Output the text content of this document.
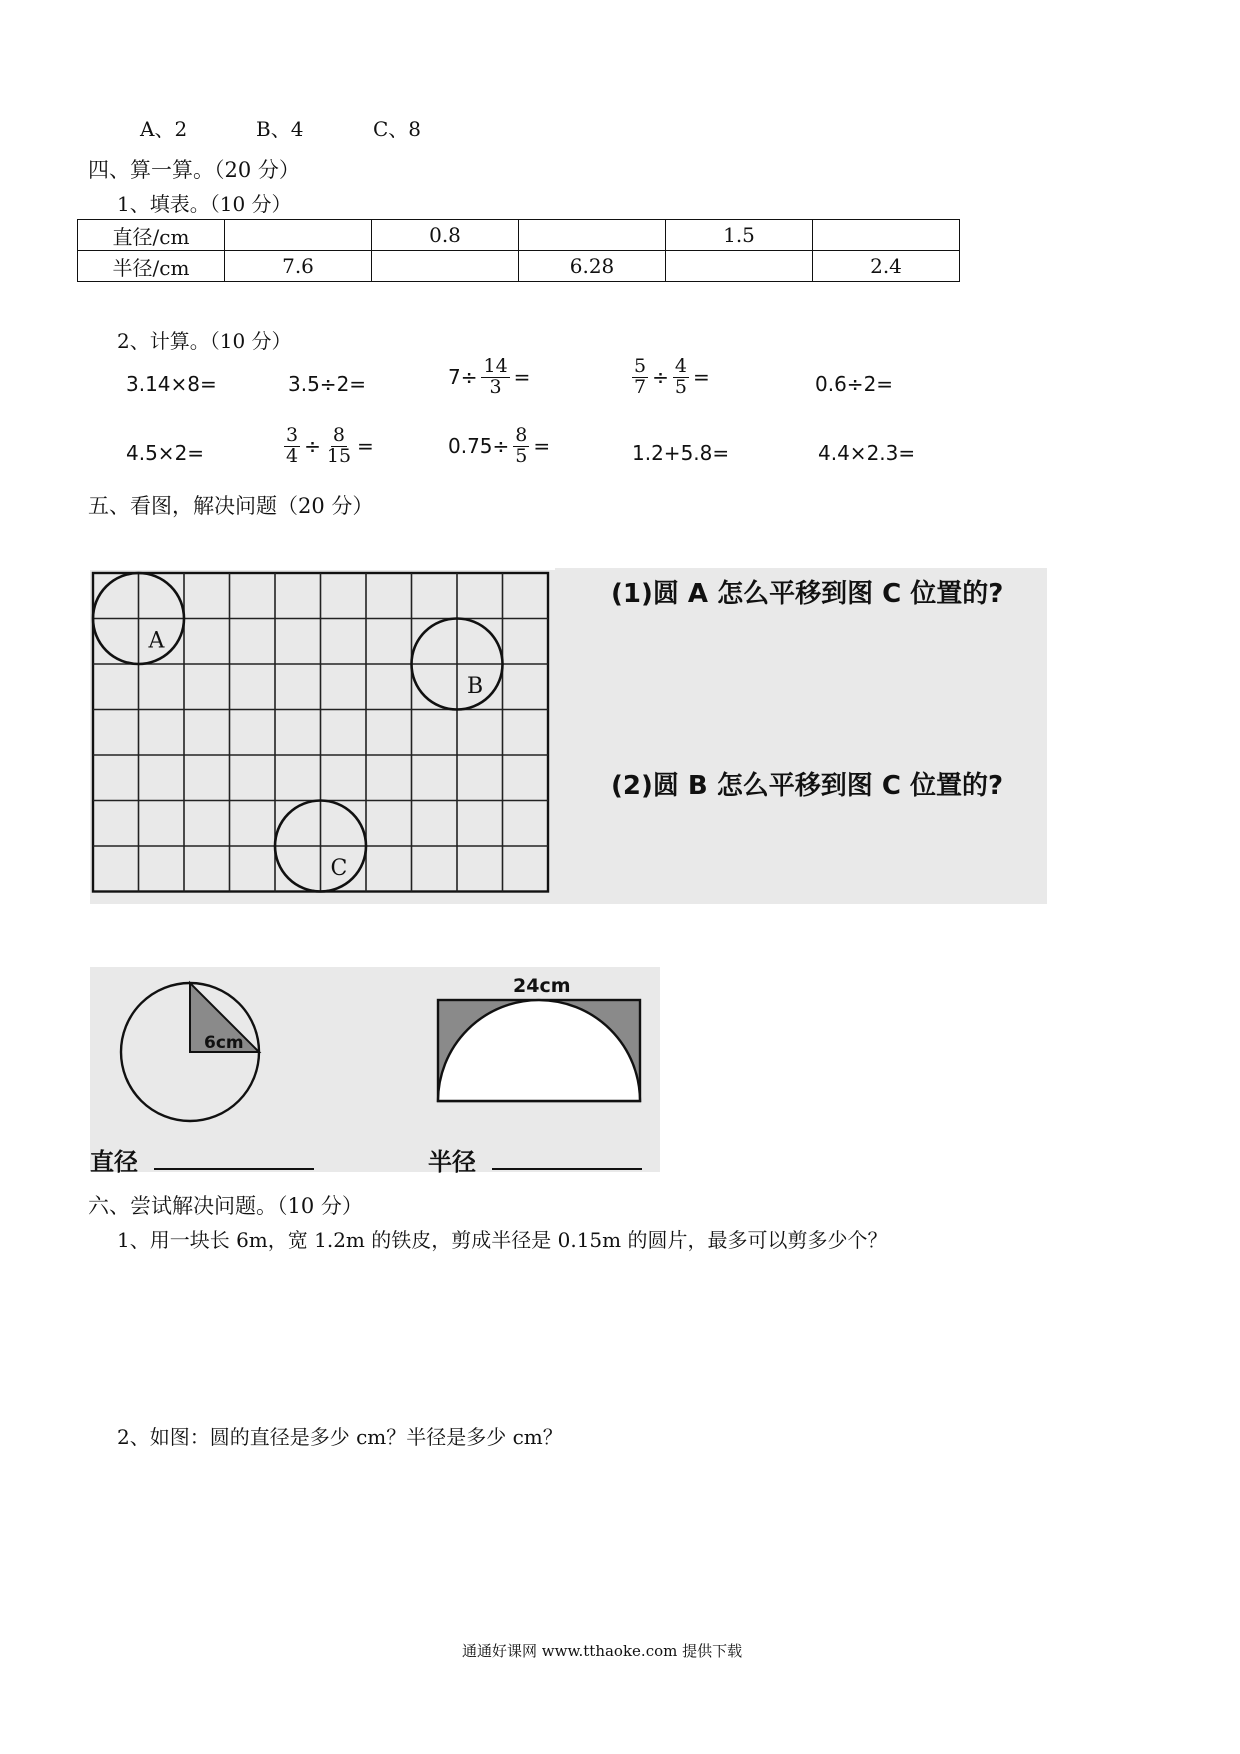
A、2	B、4	C、8
四、算一算。（20 分）
1、填表。（10 分）
直径/cm		0.8		1.5	
半径/cm	7.6		6.28		2.4
2、计算。（10 分）
3.14×8=	3.5÷2=	$7\div \frac{14}{3}$ =	$\frac{5}{7} \div \frac{4}{5}$ =	0.6÷2=
4.5×2=	$\frac{3}{4} \div \frac{8}{15}$ =	$0.75\div \frac{8}{5}$ =	1.2+5.8=	4.4×2.3=
五、看图，解决问题（20 分）
A
B
C
(1)圆 A 怎么平移到图 C 位置的?
(2)圆 B 怎么平移到图 C 位置的?
6cm
24cm
直径	半径
六、尝试解决问题。（10 分）
1、用一块长 6m，宽 1.2m 的铁皮，剪成半径是 0.15m 的圆片，最多可以剪多少个？
2、如图：圆的直径是多少 cm？半径是多少 cm？
通通好课网 www.tthaoke.com 提供下载
